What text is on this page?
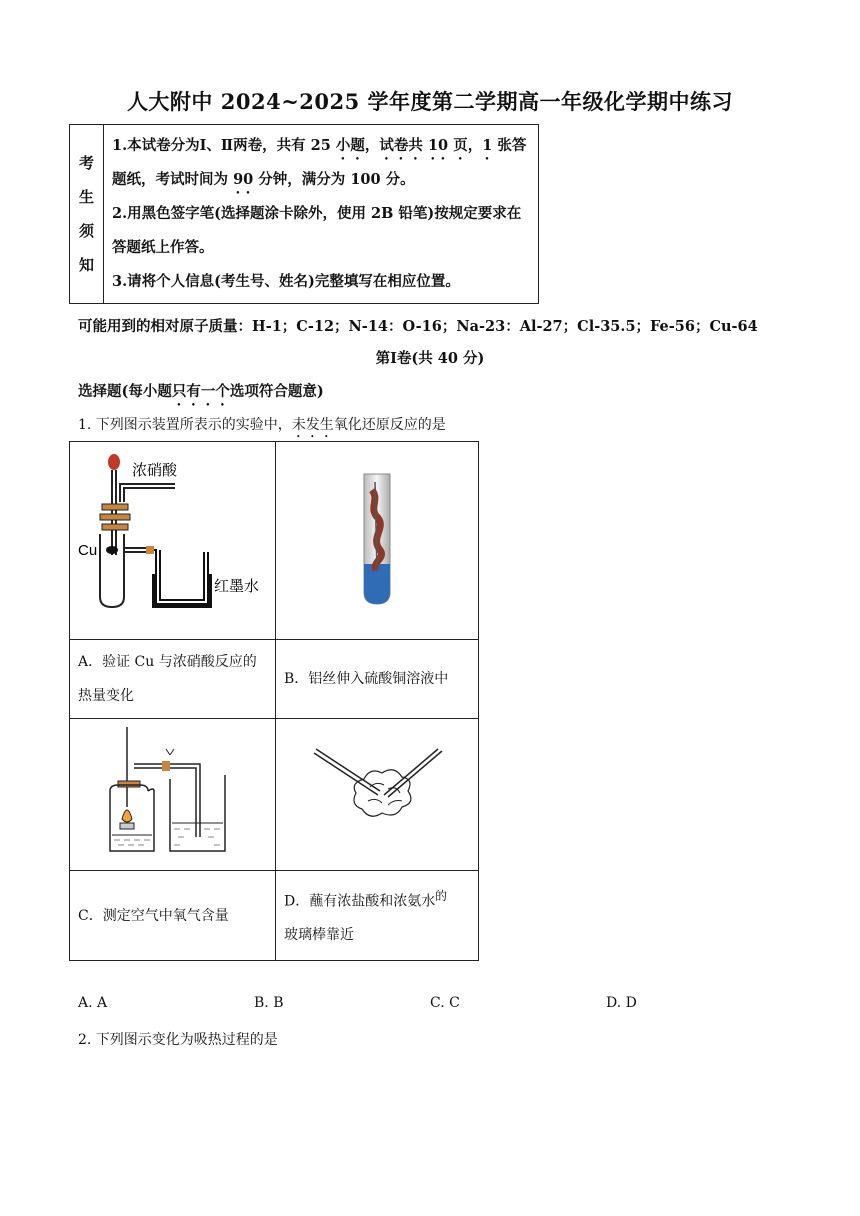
人大附中 2024~2025 学年度第二学期高一年级化学期中练习
考
生
须
知

1.本试卷分为Ⅰ、Ⅱ两卷，共有 25 小题，试卷共 10 页，1 张答题纸，考试时间为 90 分钟，满分为 100 分。
2.用黑色签字笔(选择题涂卡除外，使用 2B 铅笔)按规定要求在答题纸上作答。
3.请将个人信息(考生号、姓名)完整填写在相应位置。
可能用到的相对原子质量：H-1；C-12；N-14：O-16；Na-23：Al-27；Cl-35.5；Fe-56；Cu-64
第Ⅰ卷(共 40 分)
选择题(每小题只有一个选项符合题意)
1. 下列图示装置所表示的实验中，未发生氧化还原反应的是
浓硝酸
Cu
红墨水

A．验证 Cu 与浓硝酸反应的热量变化	B．铝丝伸入硫酸铜溶液中

C．测定空气中氧气含量	D．蘸有浓盐酸和浓氨水$^的$
玻璃棒靠近
A. A	B. B	C. C	D. D
2. 下列图示变化为吸热过程的是
